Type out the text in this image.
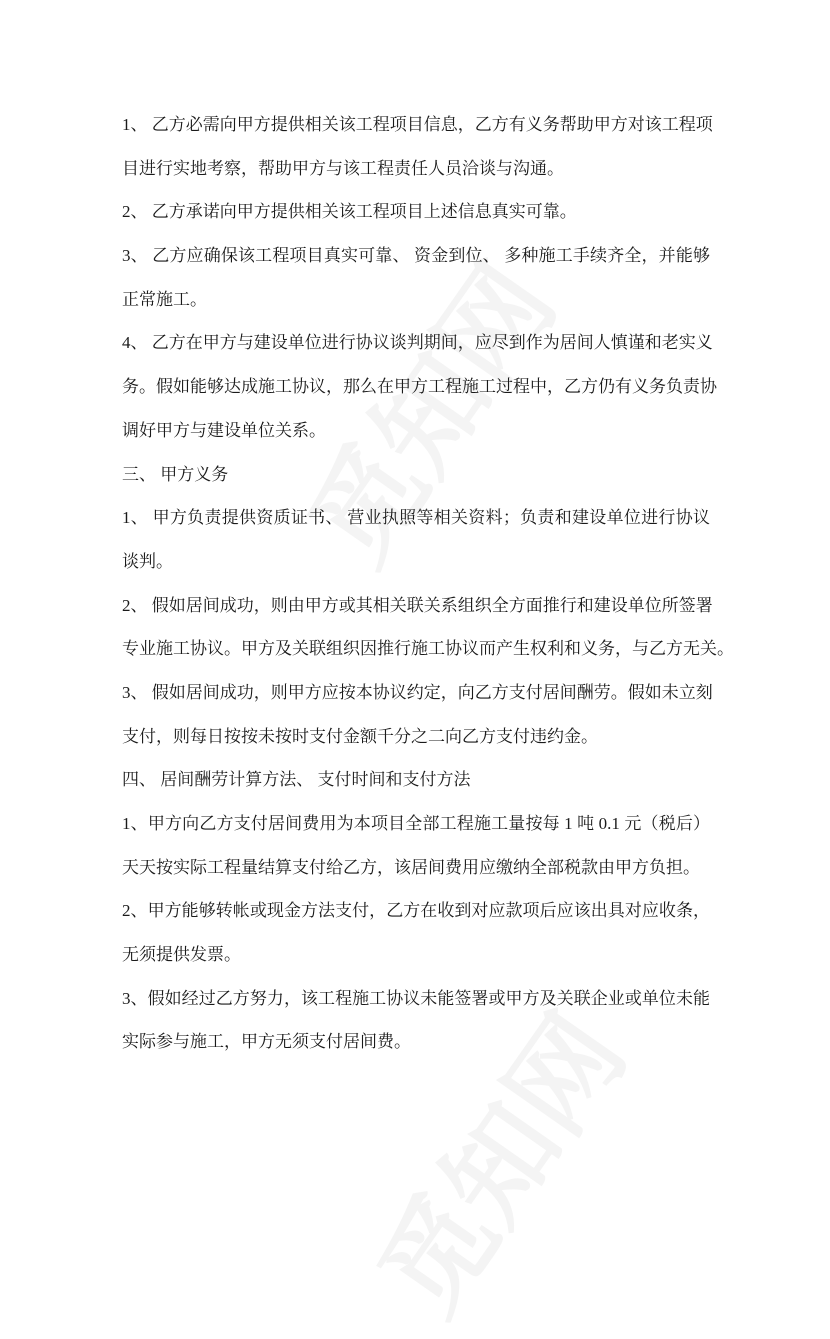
1、 乙方必需向甲方提供相关该工程项目信息，乙方有义务帮助甲方对该工程项
目进行实地考察，帮助甲方与该工程责任人员洽谈与沟通。
2、 乙方承诺向甲方提供相关该工程项目上述信息真实可靠。
3、 乙方应确保该工程项目真实可靠、 资金到位、 多种施工手续齐全，并能够
正常施工。
4、 乙方在甲方与建设单位进行协议谈判期间，应尽到作为居间人慎谨和老实义
务。假如能够达成施工协议，那么在甲方工程施工过程中，乙方仍有义务负责协
调好甲方与建设单位关系。
三、 甲方义务
1、 甲方负责提供资质证书、 营业执照等相关资料；负责和建设单位进行协议
谈判。
2、 假如居间成功，则由甲方或其相关联关系组织全方面推行和建设单位所签署
专业施工协议。甲方及关联组织因推行施工协议而产生权利和义务，与乙方无关。
3、 假如居间成功，则甲方应按本协议约定，向乙方支付居间酬劳。假如未立刻
支付，则每日按按未按时支付金额千分之二向乙方支付违约金。
四、 居间酬劳计算方法、 支付时间和支付方法
1、甲方向乙方支付居间费用为本项目全部工程施工量按每 1 吨 0.1 元（税后）
天天按实际工程量结算支付给乙方，该居间费用应缴纳全部税款由甲方负担。
2、甲方能够转帐或现金方法支付，乙方在收到对应款项后应该出具对应收条，
无须提供发票。
3、假如经过乙方努力，该工程施工协议未能签署或甲方及关联企业或单位未能
实际参与施工，甲方无须支付居间费。
